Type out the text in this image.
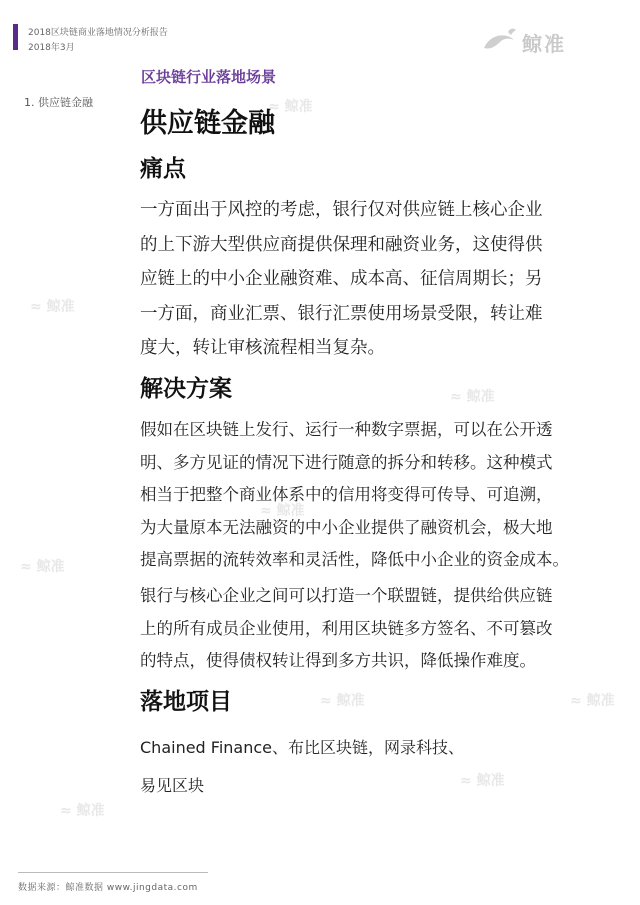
2018区块链商业落地情况分析报告
2018年3月	鲸准
1. 供应链金融	≈ 鲸准
≈ 鲸准
≈ 鲸准
≈ 鲸准
≈ 鲸准
≈ 鲸准
≈ 鲸准
≈ 鲸准
≈ 鲸准
区块链行业落地场景
供应链金融
痛点
一方面出于风控的考虑，银行仅对供应链上核心企业
的上下游大型供应商提供保理和融资业务，这使得供
应链上的中小企业融资难、成本高、征信周期长；另
一方面，商业汇票、银行汇票使用场景受限，转让难
度大，转让审核流程相当复杂。
解决方案
假如在区块链上发行、运行一种数字票据，可以在公开透
明、多方见证的情况下进行随意的拆分和转移。这种模式
相当于把整个商业体系中的信用将变得可传导、可追溯，
为大量原本无法融资的中小企业提供了融资机会，极大地
提高票据的流转效率和灵活性，降低中小企业的资金成本。
银行与核心企业之间可以打造一个联盟链，提供给供应链
上的所有成员企业使用，利用区块链多方签名、不可篡改
的特点，使得债权转让得到多方共识，降低操作难度。
落地项目
Chained Finance、布比区块链，网录科技、
易见区块
数据来源：鲸准数据 www.jingdata.com
